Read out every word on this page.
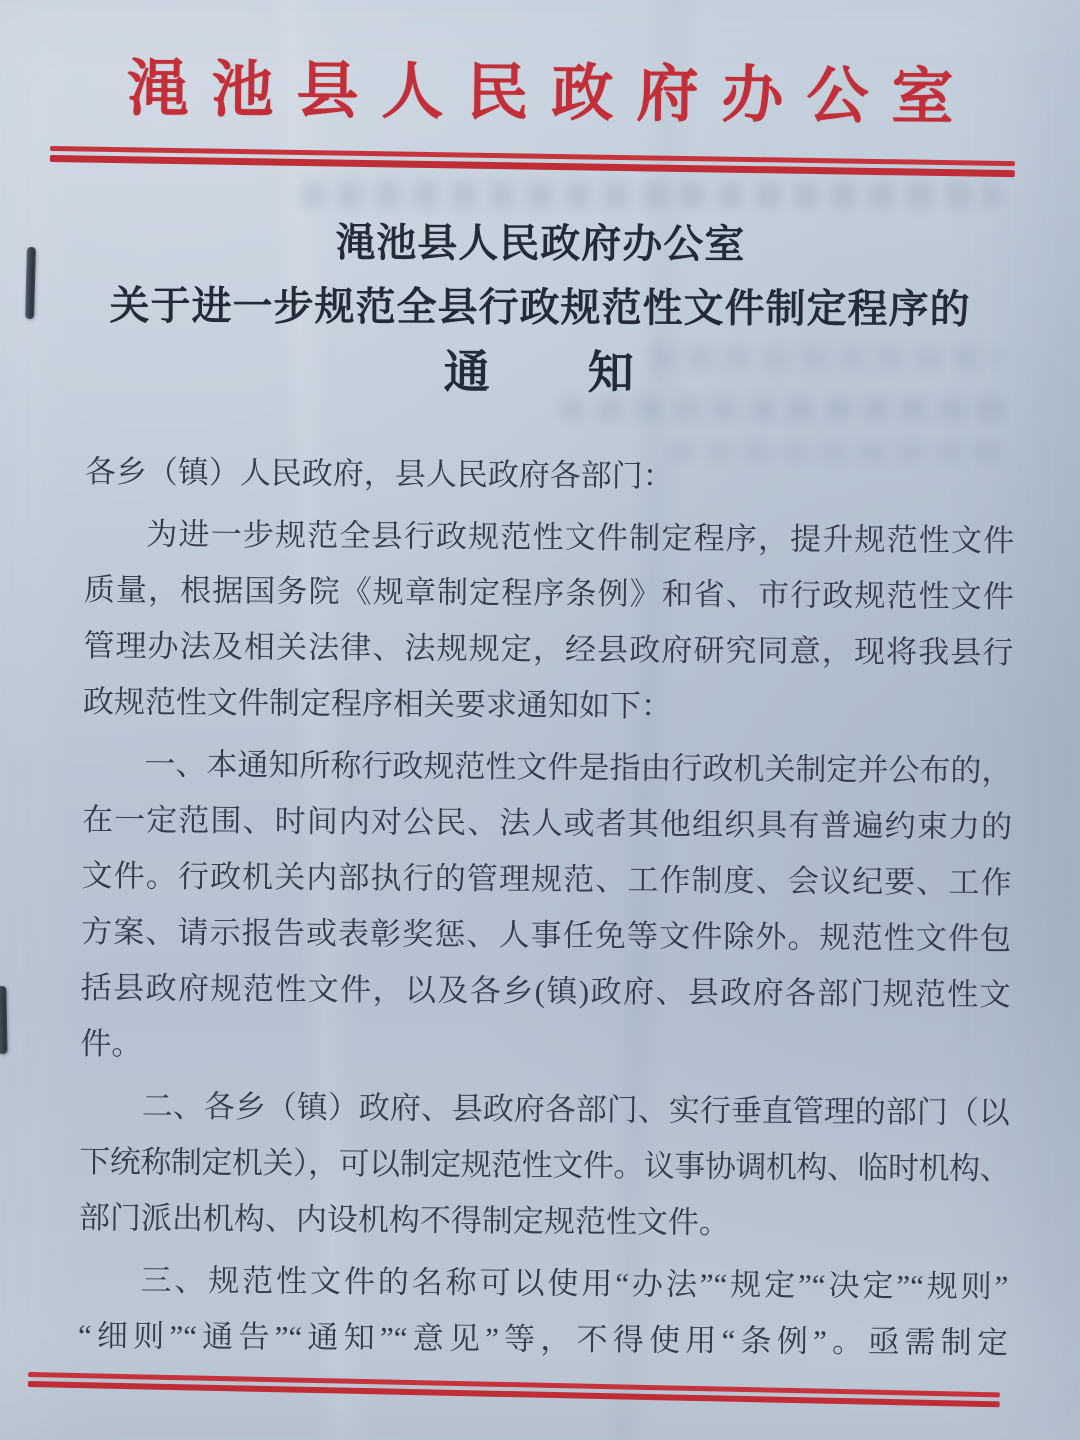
渑池县人民政府办公室
渑池县人民政府办公室
关于进一步规范全县行政规范性文件制定程序的
通　　知
各乡（镇）人民政府，县人民政府各部门：
为进一步规范全县行政规范性文件制定程序，提升规范性文件
质量，根据国务院《规章制定程序条例》和省、市行政规范性文件
管理办法及相关法律、法规规定，经县政府研究同意，现将我县行
政规范性文件制定程序相关要求通知如下：
一、本通知所称行政规范性文件是指由行政机关制定并公布的，
在一定范围、时间内对公民、法人或者其他组织具有普遍约束力的
文件。行政机关内部执行的管理规范、工作制度、会议纪要、工作
方案、请示报告或表彰奖惩、人事任免等文件除外。规范性文件包
括县政府规范性文件，以及各乡(镇)政府、县政府各部门规范性文
件。
二、各乡（镇）政府、县政府各部门、实行垂直管理的部门（以
下统称制定机关），可以制定规范性文件。议事协调机构、临时机构、
部门派出机构、内设机构不得制定规范性文件。
三、规范性文件的名称可以使用“办法”“规定”“决定”“规则”
“细则”“通告”“通知”“意见”等，不得使用“条例”。亟需制定
